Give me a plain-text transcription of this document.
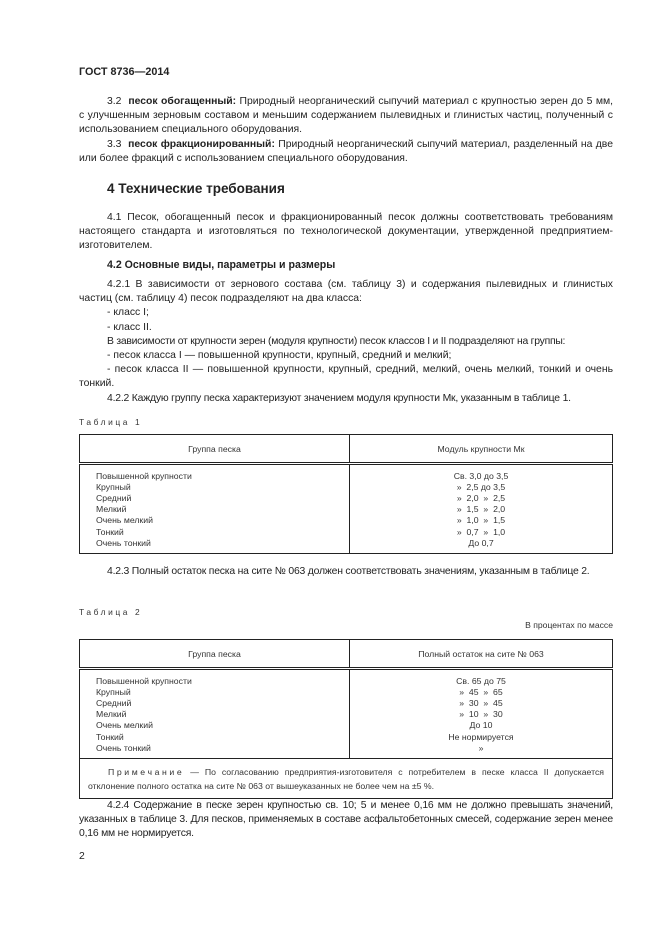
ГОСТ 8736—2014

3.2 песок обогащенный: Природный неорганический сыпучий материал с крупностью зерен до 5 мм, с улучшенным зерновым составом и меньшим содержанием пылевидных и глинистых частиц, полученный с использованием специального оборудования.

3.3 песок фракционированный: Природный неорганический сыпучий материал, разделенный на две или более фракций с использованием специального оборудования.

4 Технические требования

4.1 Песок, обогащенный песок и фракционированный песок должны соответствовать требованиям настоящего стандарта и изготовляться по технологической документации, утвержденной предприятием-изготовителем.

4.2 Основные виды, параметры и размеры

4.2.1 В зависимости от зернового состава (см. таблицу 3) и содержания пылевидных и глинистых частиц (см. таблицу 4) песок подразделяют на два класса:

- класс I;

- класс II.

В зависимости от крупности зерен (модуля крупности) песок классов I и II подразделяют на группы:

- песок класса I — повышенной крупности, крупный, средний и мелкий;

- песок класса II — повышенной крупности, крупный, средний, мелкий, очень мелкий, тонкий и очень тонкий.

4.2.2 Каждую группу песка характеризуют значением модуля крупности Мк, указанным в таблице 1.

Таблица 1
Группа песка	Модуль крупности Мк
Повышенной крупности	Св. 3,0 до 3,5
Крупный	»  2,5 до 3,5
Средний	»  2,0  »  2,5
Мелкий	»  1,5  »  2,0
Очень мелкий	»  1,0  »  1,5
Тонкий	»  0,7  »  1,0
Очень тонкий	До 0,7

4.2.3 Полный остаток песка на сите № 063 должен соответствовать значениям, указанным в таблице 2.

Таблица 2
В процентах по массе
Группа песка	Полный остаток на сите № 063
Повышенной крупности	Св. 65 до 75
Крупный	»  45  »  65
Средний	»  30  »  45
Мелкий	»  10  »  30
Очень мелкий	До 10
Тонкий	Не нормируется
Очень тонкий	»
Примечание — По согласованию предприятия-изготовителя с потребителем в песке класса II допускается отклонение полного остатка на сите № 063 от вышеуказанных не более чем на ±5 %.	

4.2.4 Содержание в песке зерен крупностью св. 10; 5 и менее 0,16 мм не должно превышать значений, указанных в таблице 3. Для песков, применяемых в составе асфальтобетонных смесей, содержание зерен менее 0,16 мм не нормируется.

2
